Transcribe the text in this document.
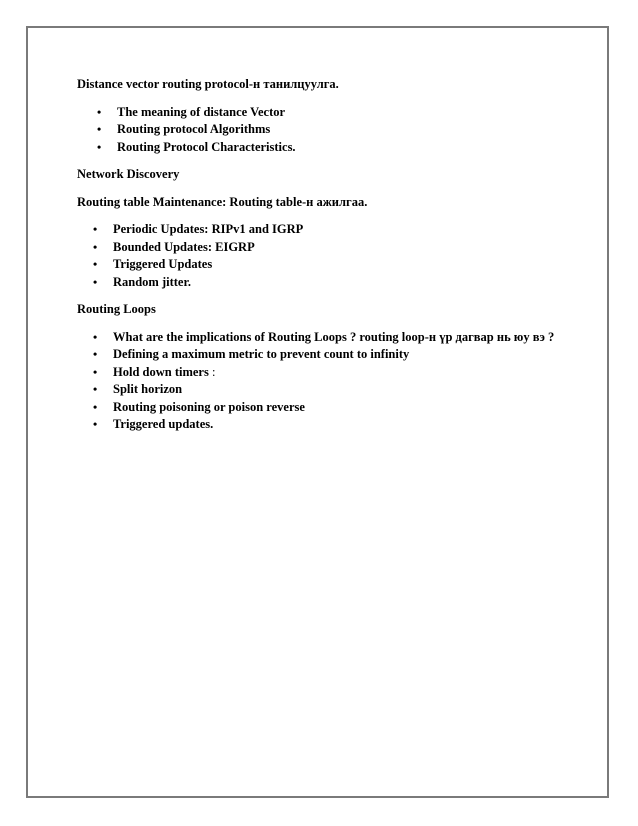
Distance vector routing protocol-н танилцуулга.

• The meaning of distance Vector
• Routing protocol Algorithms
• Routing Protocol Characteristics.

Network Discovery

Routing table Maintenance: Routing table-н ажилгаа.

• Periodic Updates: RIPv1 and IGRP
• Bounded Updates: EIGRP
• Triggered Updates
• Random jitter.

Routing Loops

• What are the implications of Routing Loops ? routing loop-н үр дагвар нь юу вэ ?
• Defining a maximum metric to prevent count to infinity
• Hold down timers :
• Split horizon
• Routing poisoning or poison reverse
• Triggered updates.
